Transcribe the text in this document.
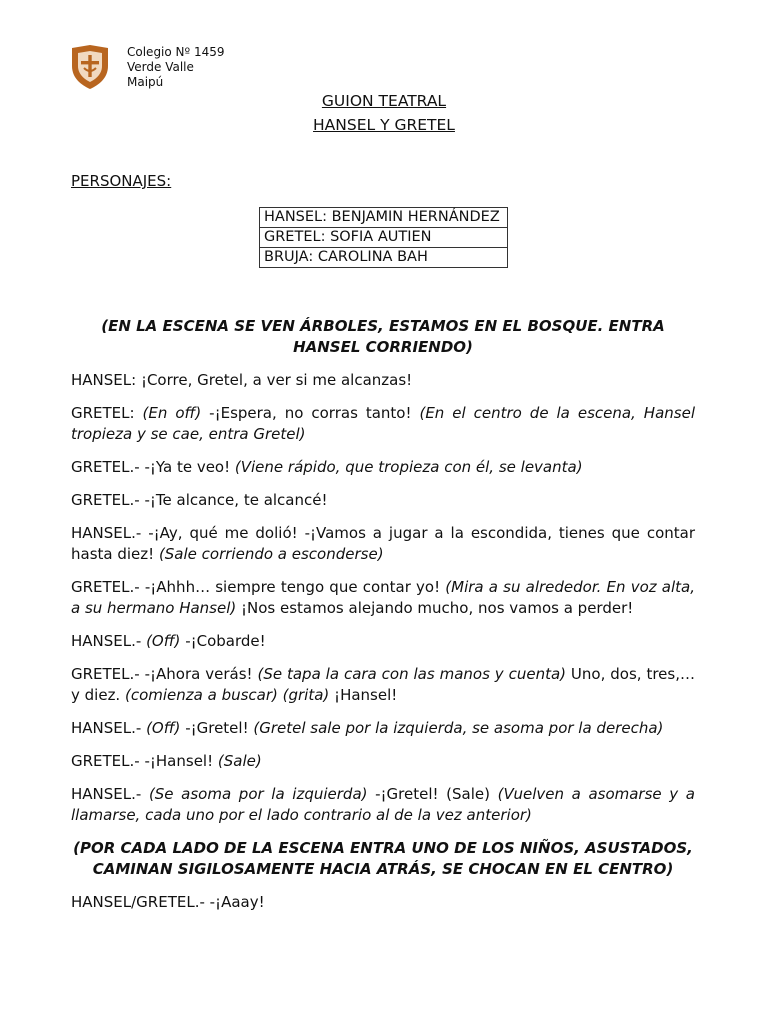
Colegio Nº 1459
Verde Valle
Maipú
GUION TEATRAL
HANSEL Y GRETEL
PERSONAJES:
HANSEL: BENJAMIN HERNÁNDEZ
GRETEL: SOFIA AUTIEN
BRUJA: CAROLINA BAH
(EN LA ESCENA SE VEN ÁRBOLES, ESTAMOS EN EL BOSQUE. ENTRA HANSEL CORRIENDO)
HANSEL: ¡Corre, Gretel, a ver si me alcanzas!
GRETEL: (En off) -¡Espera, no corras tanto! (En el centro de la escena, Hansel tropieza y se cae, entra Gretel)
GRETEL.- -¡Ya te veo! (Viene rápido, que tropieza con él, se levanta)
GRETEL.- -¡Te alcance, te alcancé!
HANSEL.- -¡Ay, qué me dolió! -¡Vamos a jugar a la escondida, tienes que contar hasta diez! (Sale corriendo a esconderse)
GRETEL.- -¡Ahhh… siempre tengo que contar yo! (Mira a su alrededor. En voz alta, a su hermano Hansel) ¡Nos estamos alejando mucho, nos vamos a perder!
HANSEL.- (Off) -¡Cobarde!
GRETEL.- -¡Ahora verás! (Se tapa la cara con las manos y cuenta) Uno, dos, tres,… y diez. (comienza a buscar) (grita) ¡Hansel!
HANSEL.- (Off) -¡Gretel! (Gretel sale por la izquierda, se asoma por la derecha)
GRETEL.- -¡Hansel! (Sale)
HANSEL.- (Se asoma por la izquierda) -¡Gretel! (Sale) (Vuelven a asomarse y a llamarse, cada uno por el lado contrario al de la vez anterior)
(POR CADA LADO DE LA ESCENA ENTRA UNO DE LOS NIÑOS, ASUSTADOS, CAMINAN SIGILOSAMENTE HACIA ATRÁS, SE CHOCAN EN EL CENTRO)
HANSEL/GRETEL.- -¡Aaay!
